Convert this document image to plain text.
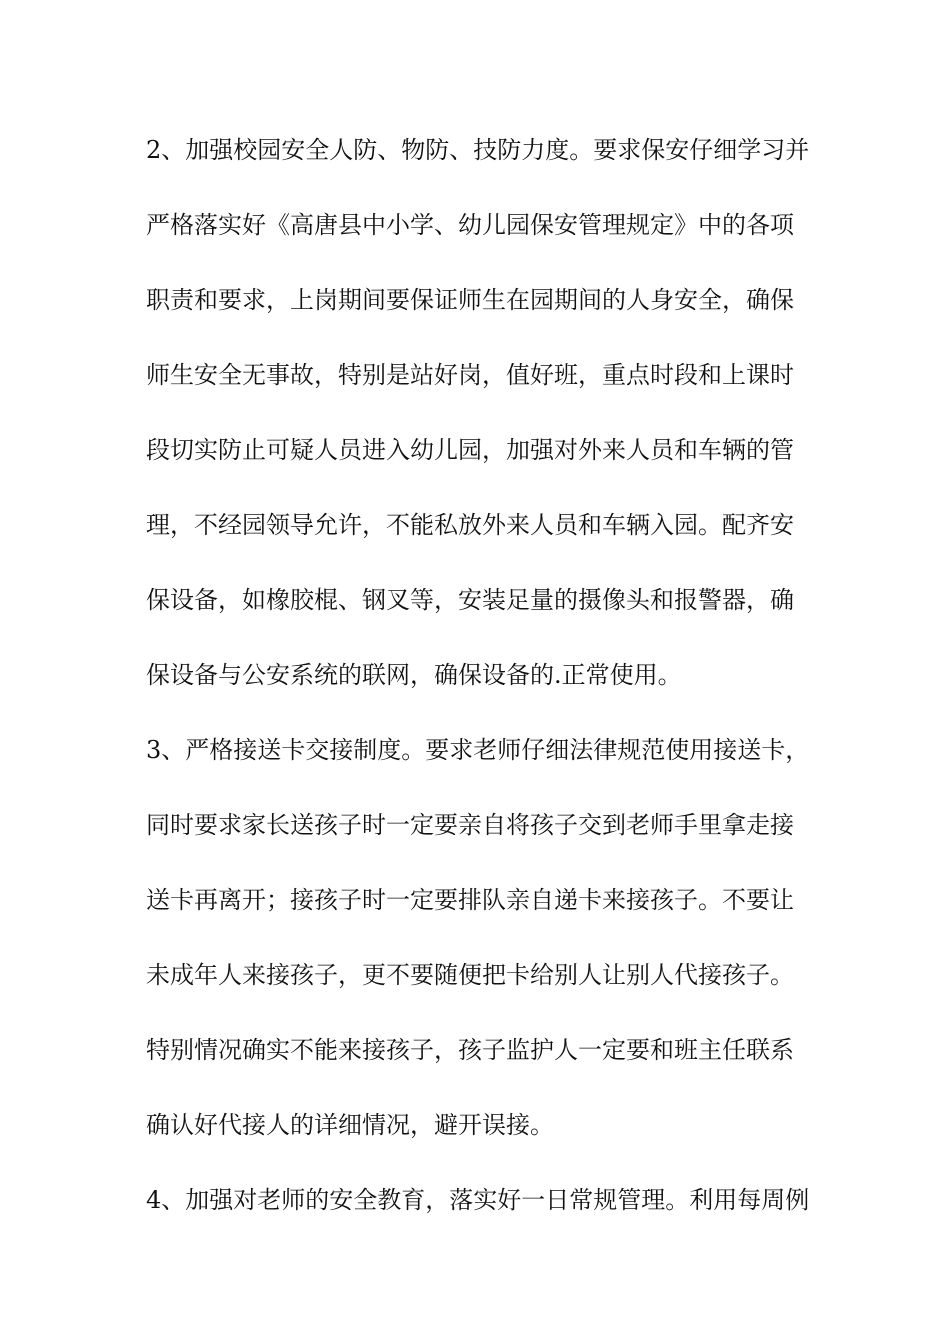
2、加强校园安全人防、物防、技防力度。要求保安仔细学习并
严格落实好《高唐县中小学、幼儿园保安管理规定》中的各项
职责和要求，上岗期间要保证师生在园期间的人身安全，确保
师生安全无事故，特别是站好岗，值好班，重点时段和上课时
段切实防止可疑人员进入幼儿园，加强对外来人员和车辆的管
理，不经园领导允许，不能私放外来人员和车辆入园。配齐安
保设备，如橡胶棍、钢叉等，安装足量的摄像头和报警器，确
保设备与公安系统的联网，确保设备的.正常使用。
3、严格接送卡交接制度。要求老师仔细法律规范使用接送卡，
同时要求家长送孩子时一定要亲自将孩子交到老师手里拿走接
送卡再离开；接孩子时一定要排队亲自递卡来接孩子。不要让
未成年人来接孩子，更不要随便把卡给别人让别人代接孩子。
特别情况确实不能来接孩子，孩子监护人一定要和班主任联系
确认好代接人的详细情况，避开误接。
4、加强对老师的安全教育，落实好一日常规管理。利用每周例
